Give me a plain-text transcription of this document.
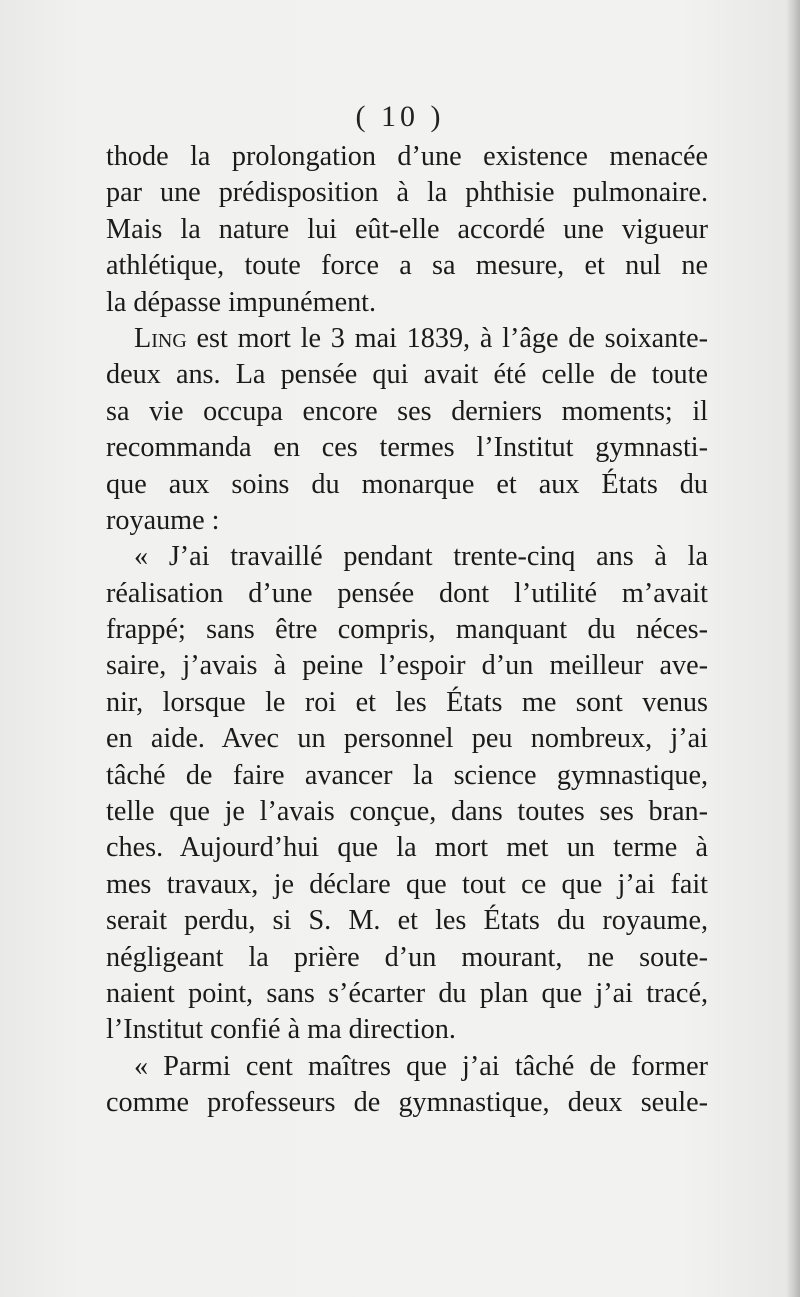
( 10 )
thode la prolongation d’une existence menacée
par une prédisposition à la phthisie pulmonaire.
Mais la nature lui eût-elle accordé une vigueur
athlétique, toute force a sa mesure, et nul ne
la dépasse impunément.
Ling est mort le 3 mai 1839, à l’âge de soixante-
deux ans. La pensée qui avait été celle de toute
sa vie occupa encore ses derniers moments; il
recommanda en ces termes l’Institut gymnasti-
que aux soins du monarque et aux États du
royaume :
« J’ai travaillé pendant trente-cinq ans à la
réalisation d’une pensée dont l’utilité m’avait
frappé; sans être compris, manquant du néces-
saire, j’avais à peine l’espoir d’un meilleur ave-
nir, lorsque le roi et les États me sont venus
en aide. Avec un personnel peu nombreux, j’ai
tâché de faire avancer la science gymnastique,
telle que je l’avais conçue, dans toutes ses bran-
ches. Aujourd’hui que la mort met un terme à
mes travaux, je déclare que tout ce que j’ai fait
serait perdu, si S. M. et les États du royaume,
négligeant la prière d’un mourant, ne soute-
naient point, sans s’écarter du plan que j’ai tracé,
l’Institut confié à ma direction.
« Parmi cent maîtres que j’ai tâché de former
comme professeurs de gymnastique, deux seule-
